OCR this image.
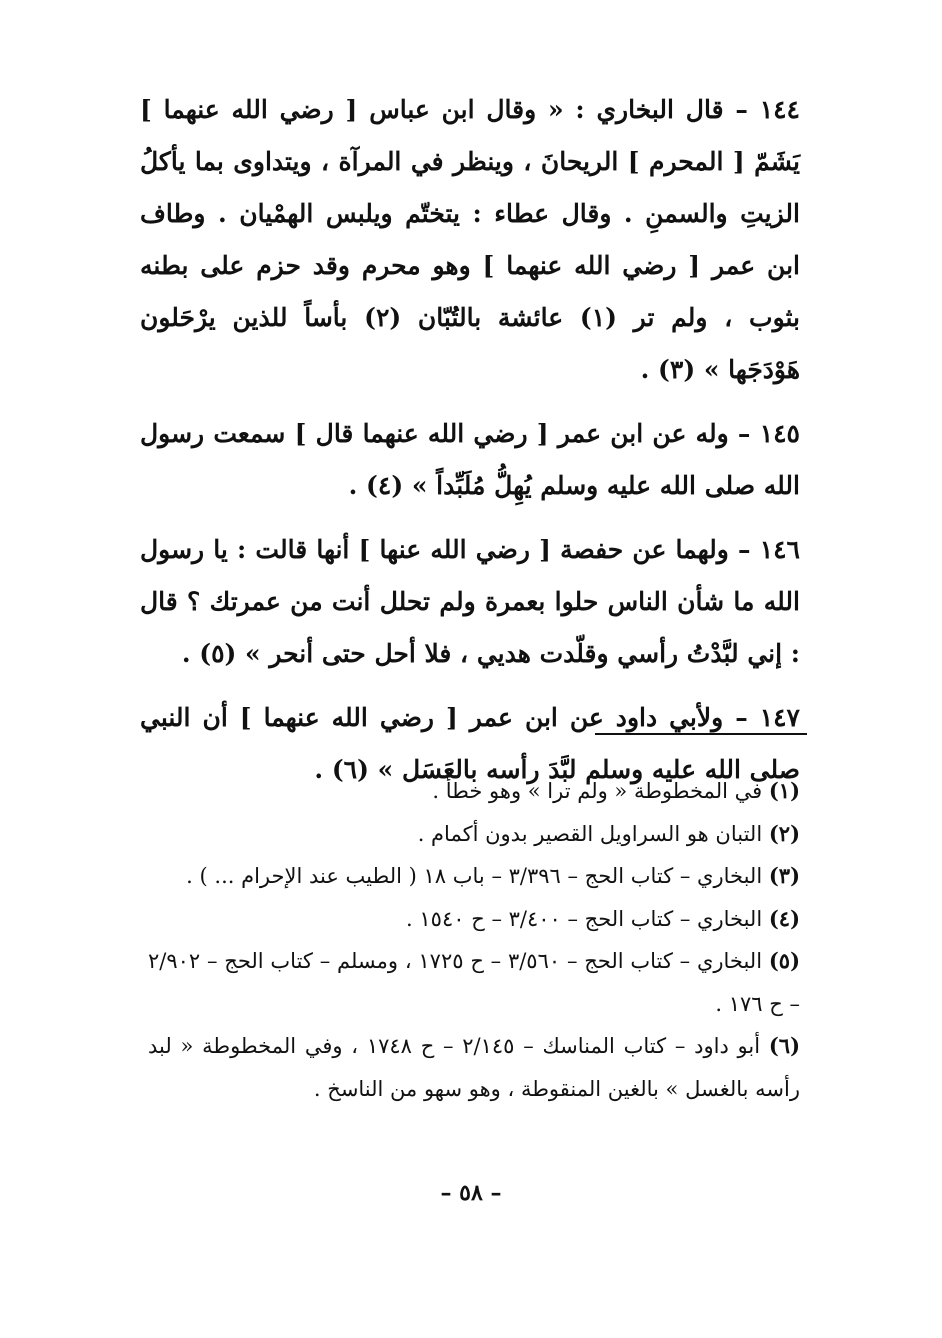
١٤٤ – قال البخاري : « وقال ابن عباس [ رضي الله عنهما ] يَشَمّ [ المحرم ] الريحانَ ، وينظر في المرآة ، ويتداوى بما يأكلُ الزيتِ والسمنِ . وقال عطاء : يتختّم ويلبس الهمْيان . وطاف ابن عمر [ رضي الله عنهما ] وهو محرم وقد حزم على بطنه بثوب ، ولم تر (١) عائشة بالتُبّان (٢) بأساً للذين يرْحَلون هَوْدَجَها » (٣) .

١٤٥ – وله عن ابن عمر [ رضي الله عنهما قال ] سمعت رسول الله صلى الله عليه وسلم يُهِلُّ مُلَبِّداً » (٤) .

١٤٦ – ولهما عن حفصة [ رضي الله عنها ] أنها قالت : يا رسول الله ما شأن الناس حلوا بعمرة ولم تحلل أنت من عمرتك ؟ قال : إني لبَّدْتُ رأسي وقلّدت هديي ، فلا أحل حتى أنحر » (٥) .

١٤٧ – ولأبي داود عن ابن عمر [ رضي الله عنهما ] أن النبي صلى الله عليه وسلم لبَّدَ رأسه بالعَسَل » (٦) .

(١) في المخطوطة « ولم ترا » وهو خطأ .

(٢) التبان هو السراويل القصير بدون أكمام .

(٣) البخاري – كتاب الحج – ٣/٣٩٦ – باب ١٨ ( الطيب عند الإحرام ... ) .

(٤) البخاري – كتاب الحج – ٣/٤٠٠ – ح ١٥٤٠ .

(٥) البخاري – كتاب الحج – ٣/٥٦٠ – ح ١٧٢٥ ، ومسلم – كتاب الحج – ٢/٩٠٢ – ح ١٧٦ .

(٦) أبو داود – كتاب المناسك – ٢/١٤٥ – ح ١٧٤٨ ، وفي المخطوطة « لبد رأسه بالغسل » بالغين المنقوطة ، وهو سهو من الناسخ .

– ٥٨ –
